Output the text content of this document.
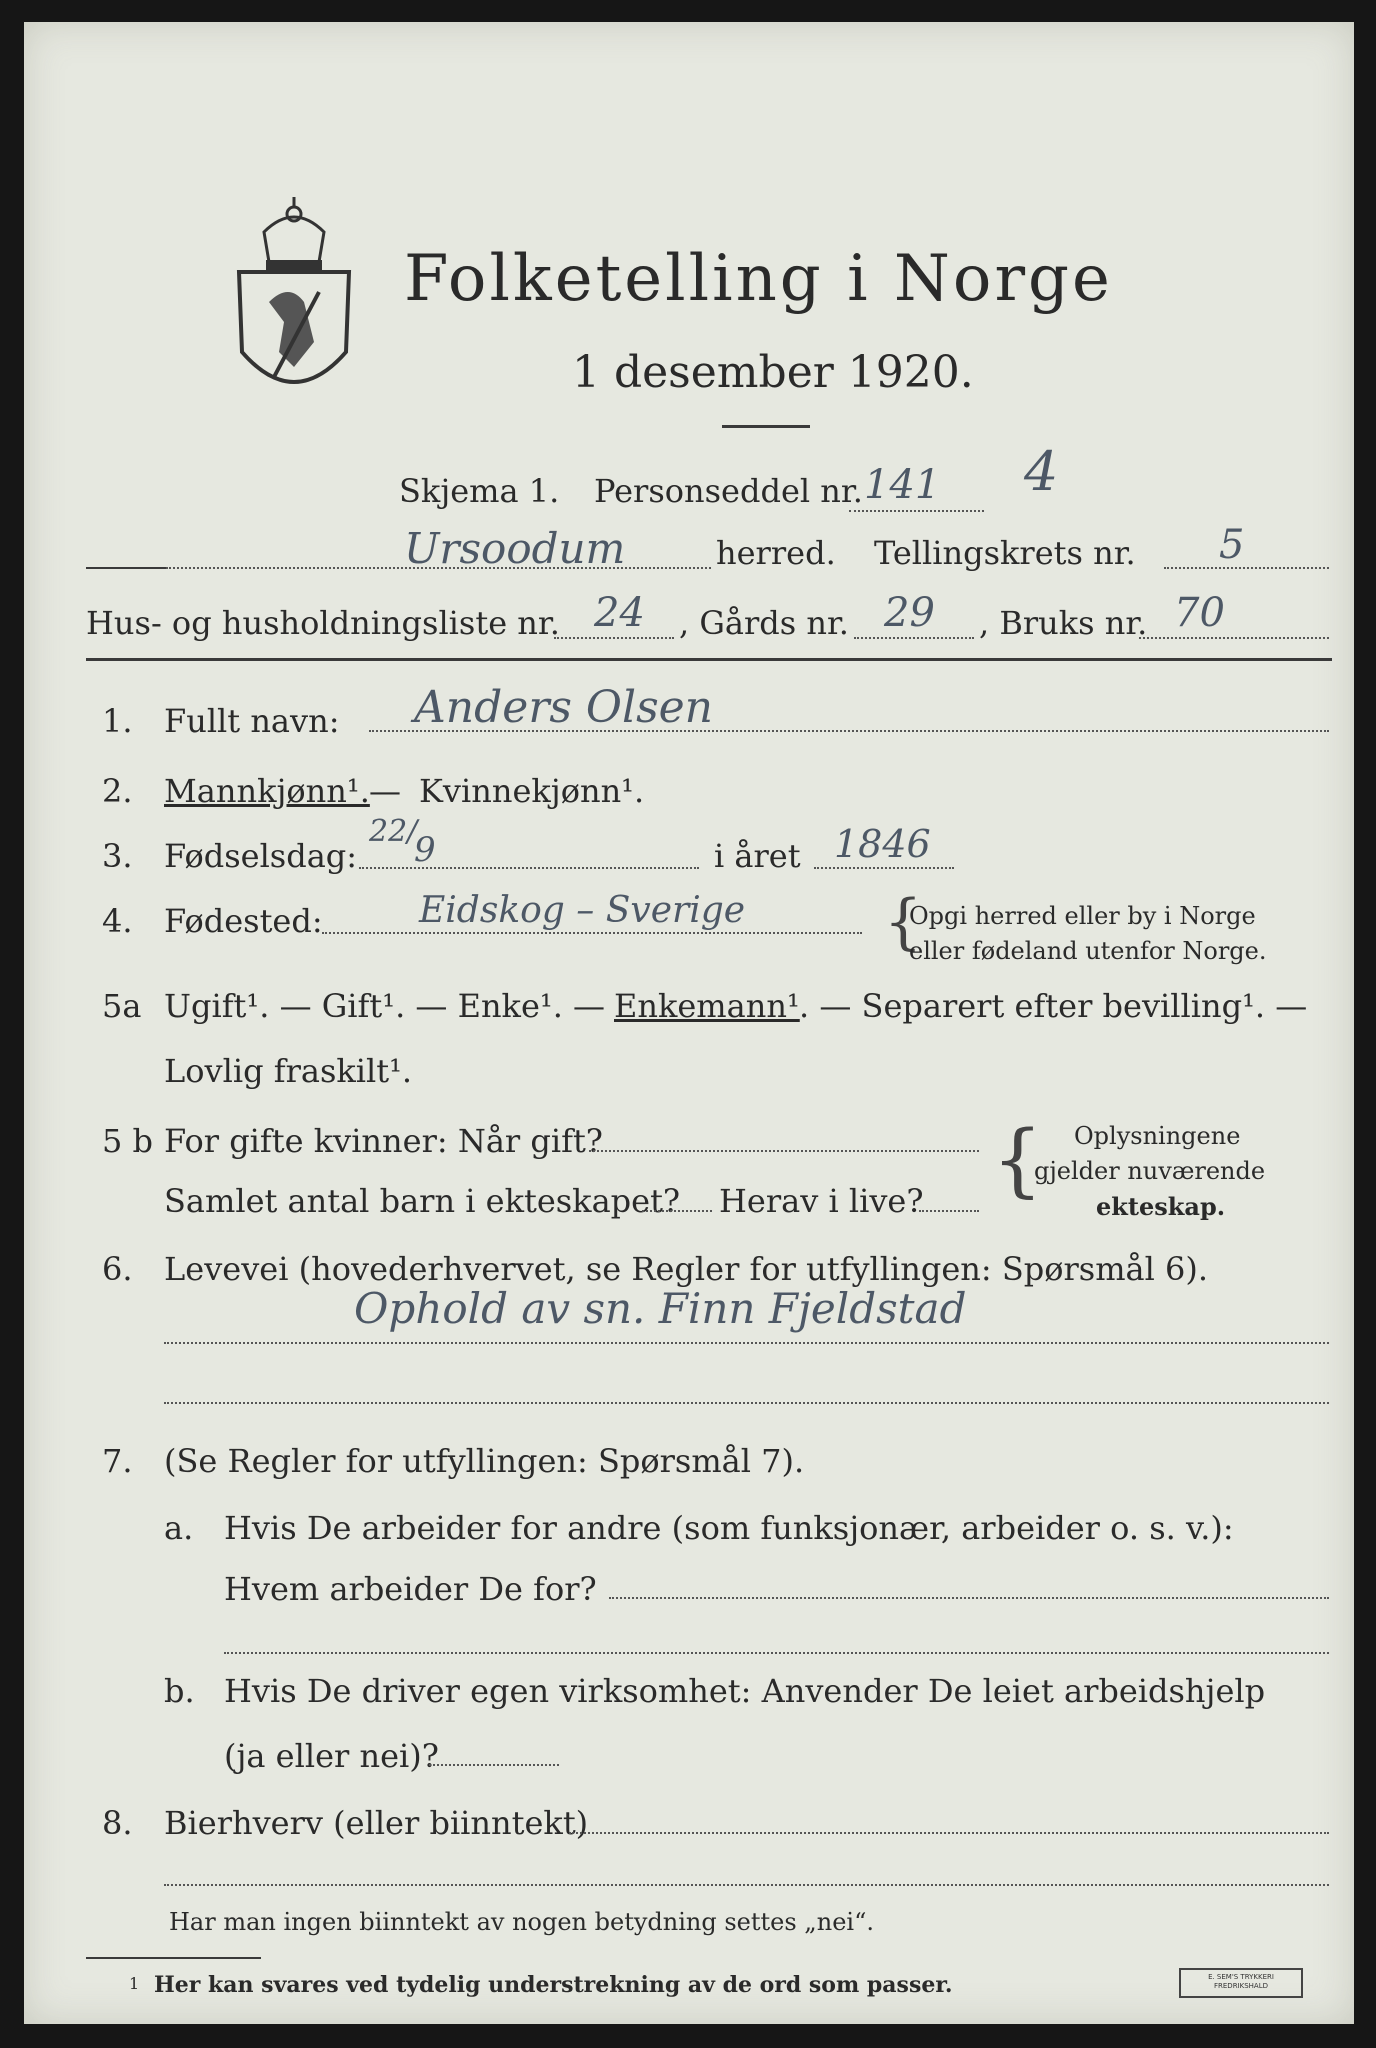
Folketelling i Norge
1 desember 1920.
Skjema 1. Personseddel nr. 141 4
Ursoodum	herred. Tellingskrets nr. 5
Hus- og husholdningsliste nr. 24 , Gårds nr. 29 , Bruks nr. 70
1. Fullt navn: Anders Olsen
2. Mannkjønn¹. — Kvinnekjønn¹.
3. Fødselsdag:
22/
9	i året 1846
4. Fødested:	Eidskog – Sverige {
Opgi herred eller by i Norge
eller fødeland utenfor Norge.
5a Ugift¹. — Gift¹. — Enke¹. — Enkemann¹ . — Separert efter bevilling¹. —
Lovlig fraskilt¹.
5 b For gifte kvinner: Når gift?
Samlet antal barn i ekteskapet? Herav i live? { Oplysningene
gjelder nuværende
ekteskap.
6. Levevei (hovederhvervet, se Regler for utfyllingen: Spørsmål 6).
Ophold av sn. Finn Fjeldstad
7. (Se Regler for utfyllingen: Spørsmål 7).
a. Hvis De arbeider for andre (som funksjonær, arbeider o. s. v.):
Hvem arbeider De for?
b. Hvis De driver egen virksomhet: Anvender De leiet arbeidshjelp
(ja eller nei)?
8. Bierhverv (eller biinntekt)
Har man ingen biinntekt av nogen betydning settes „nei“.
1 Her kan svares ved tydelig understrekning av de ord som passer.	E. SEM'S TRYKKERI
FREDRIKSHALD
